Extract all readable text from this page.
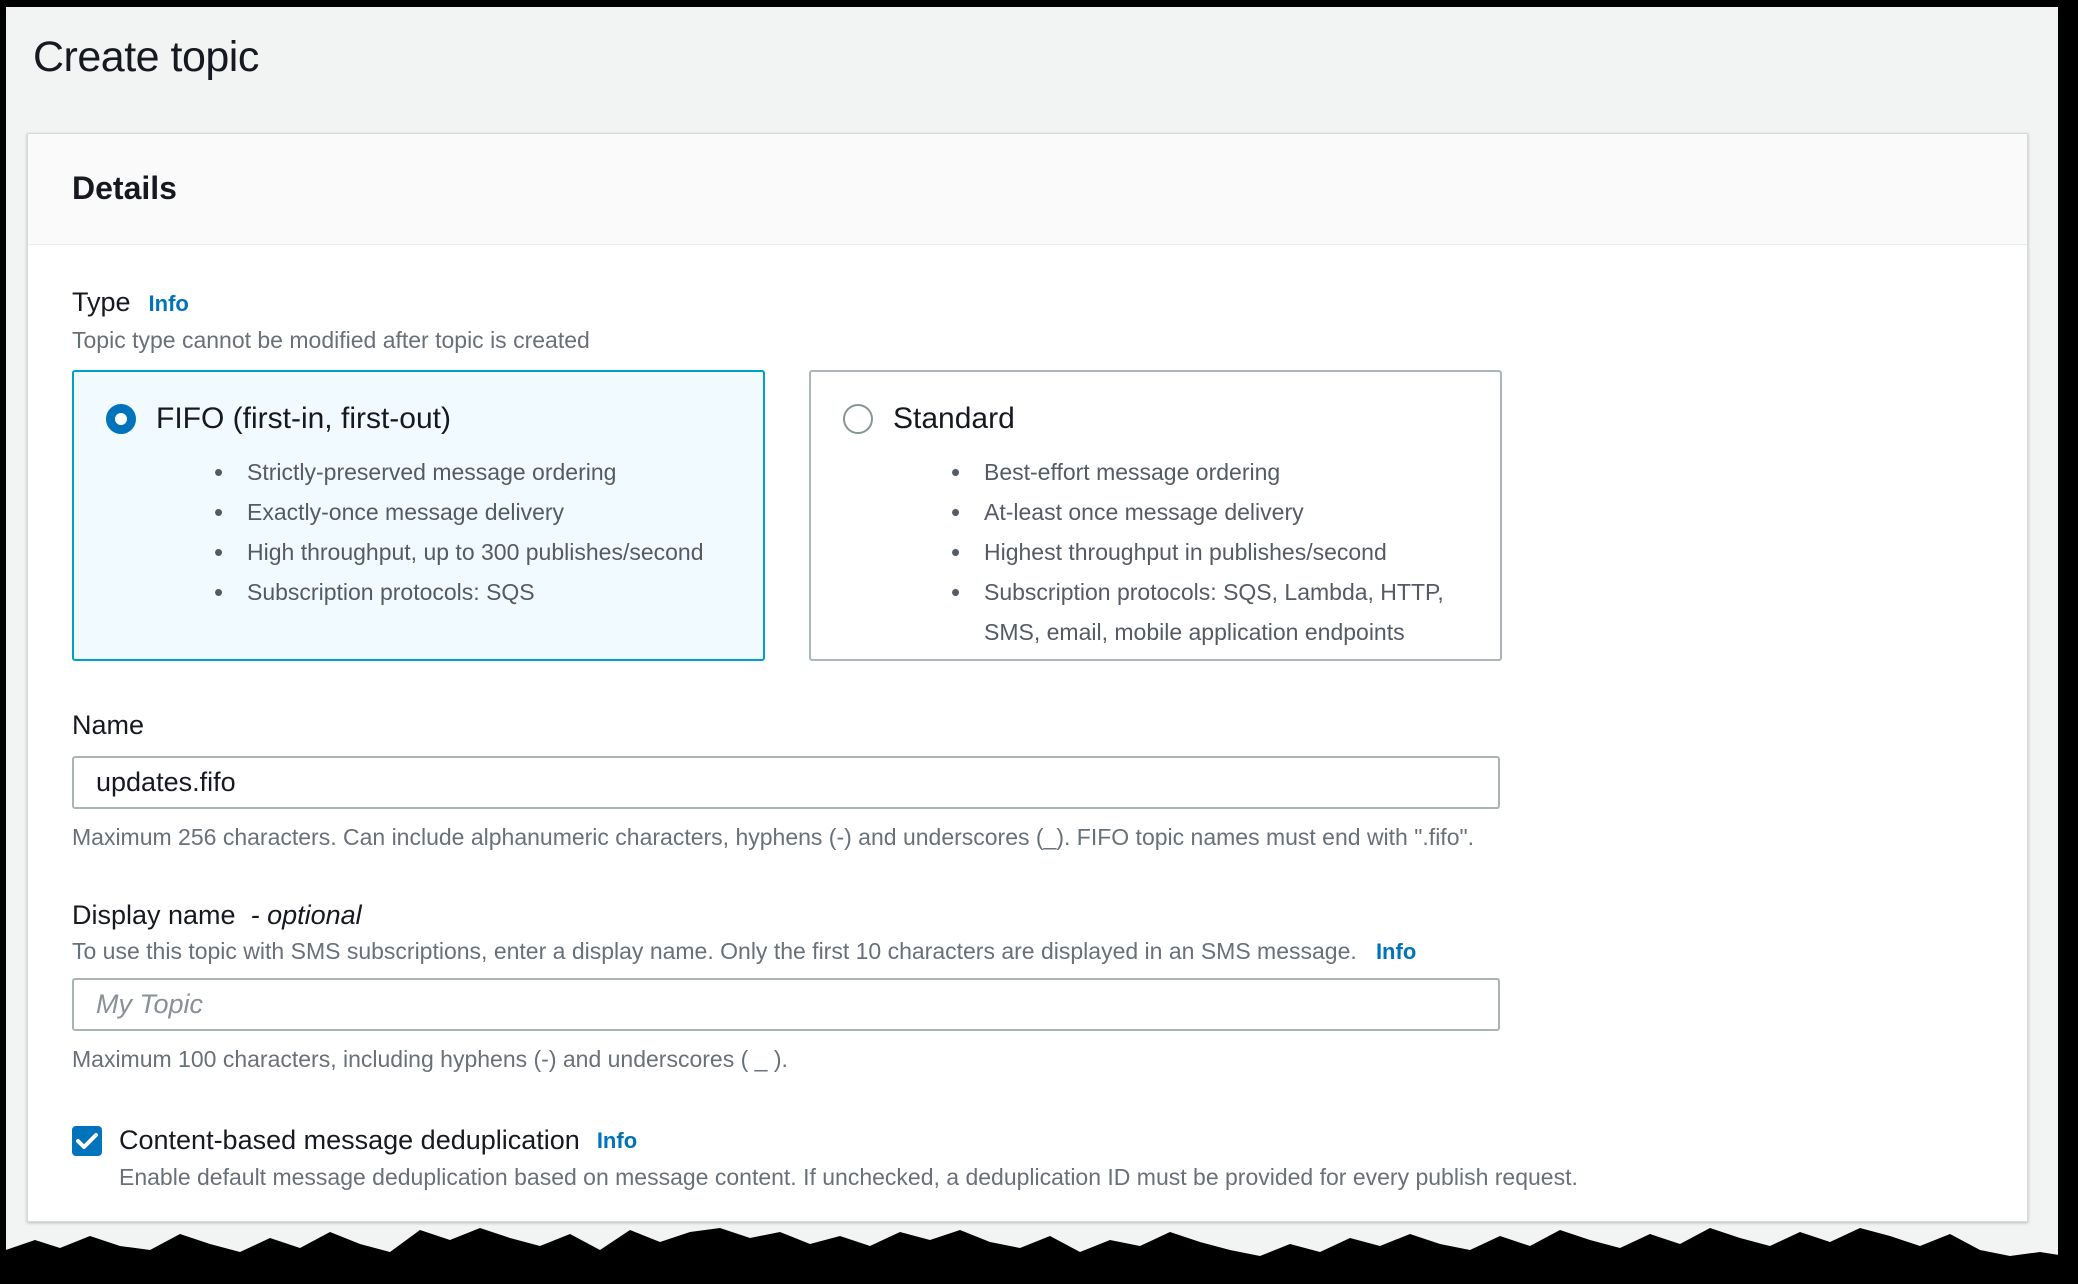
Create topic
Details
Type Info
Topic type cannot be modified after topic is created
FIFO (first-in, first-out)
• Strictly-preserved message ordering
• Exactly-once message delivery
• High throughput, up to 300 publishes/second
• Subscription protocols: SQS
Standard
• Best-effort message ordering
• At-least once message delivery
• Highest throughput in publishes/second
• Subscription protocols: SQS, Lambda, HTTP, SMS, email, mobile application endpoints
Name
updates.fifo
Maximum 256 characters. Can include alphanumeric characters, hyphens (-) and underscores (_). FIFO topic names must end with ".fifo".
Display name - optional
To use this topic with SMS subscriptions, enter a display name. Only the first 10 characters are displayed in an SMS message. Info
My Topic
Maximum 100 characters, including hyphens (-) and underscores ( _ ).
Content-based message deduplication Info
Enable default message deduplication based on message content. If unchecked, a deduplication ID must be provided for every publish request.
